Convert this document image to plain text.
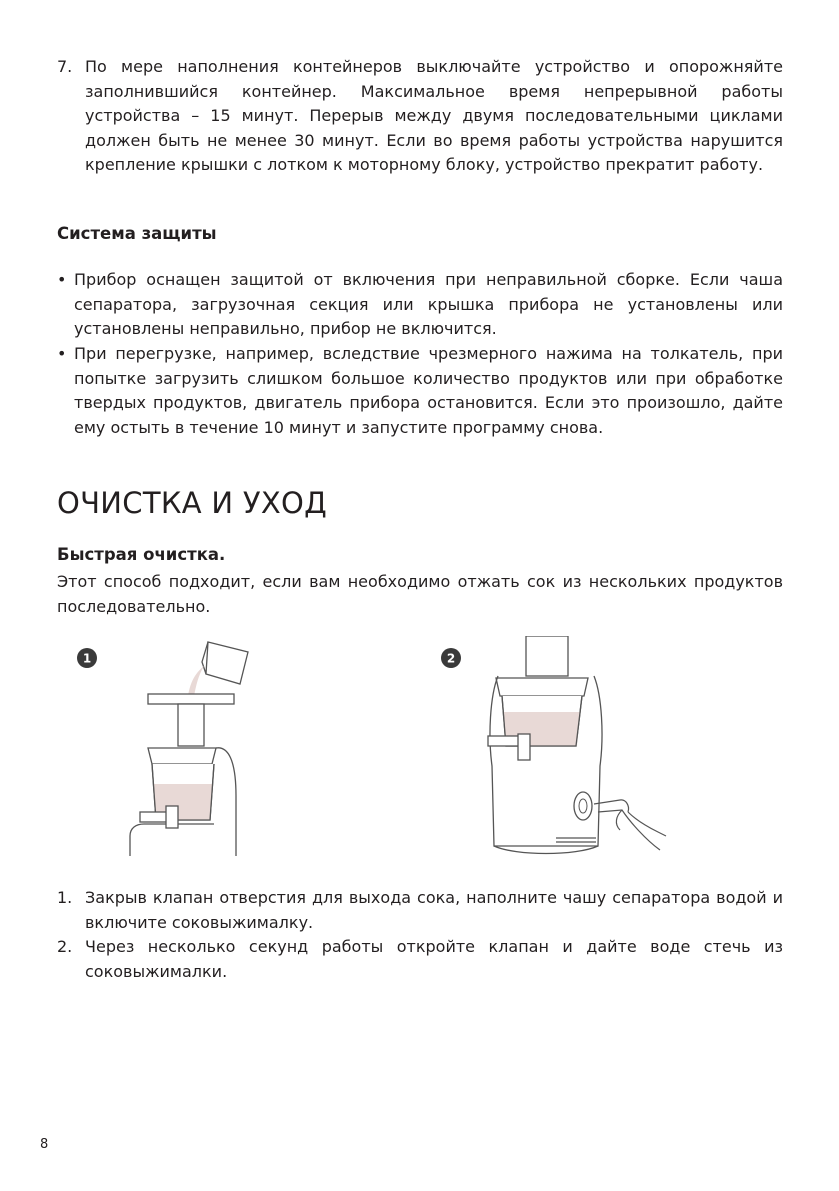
7. По мере наполнения контейнеров выключайте устройство и опорожняйте заполнившийся контейнер. Максимальное время непрерывной работы устройства – 15 минут. Перерыв между двумя последовательными циклами должен быть не менее 30 минут. Если во время работы устройства нарушится крепление крышки с лотком к моторному блоку, устройство прекратит работу.

Система защиты
• Прибор оснащен защитой от включения при неправильной сборке. Если чаша сепаратора, загрузочная секция или крышка прибора не установлены или установлены неправильно, прибор не включится.

• При перегрузке, например, вследствие чрезмерного нажима на толкатель, при попытке загрузить слишком большое количество продуктов или при обработке твердых продуктов, двигатель прибора остановится. Если это произошло, дайте ему остыть в течение 10 минут и запустите программу снова.

ОЧИСТКА И УХОД
Быстрая очистка.

Этот способ подходит, если вам необходимо отжать сок из нескольких продуктов последовательно.

1	2
1. Закрыв клапан отверстия для выхода сока, наполните чашу сепаратора водой и включите соковыжималку.

2. Через несколько секунд работы откройте клапан и дайте воде стечь из соковыжималки.

8
